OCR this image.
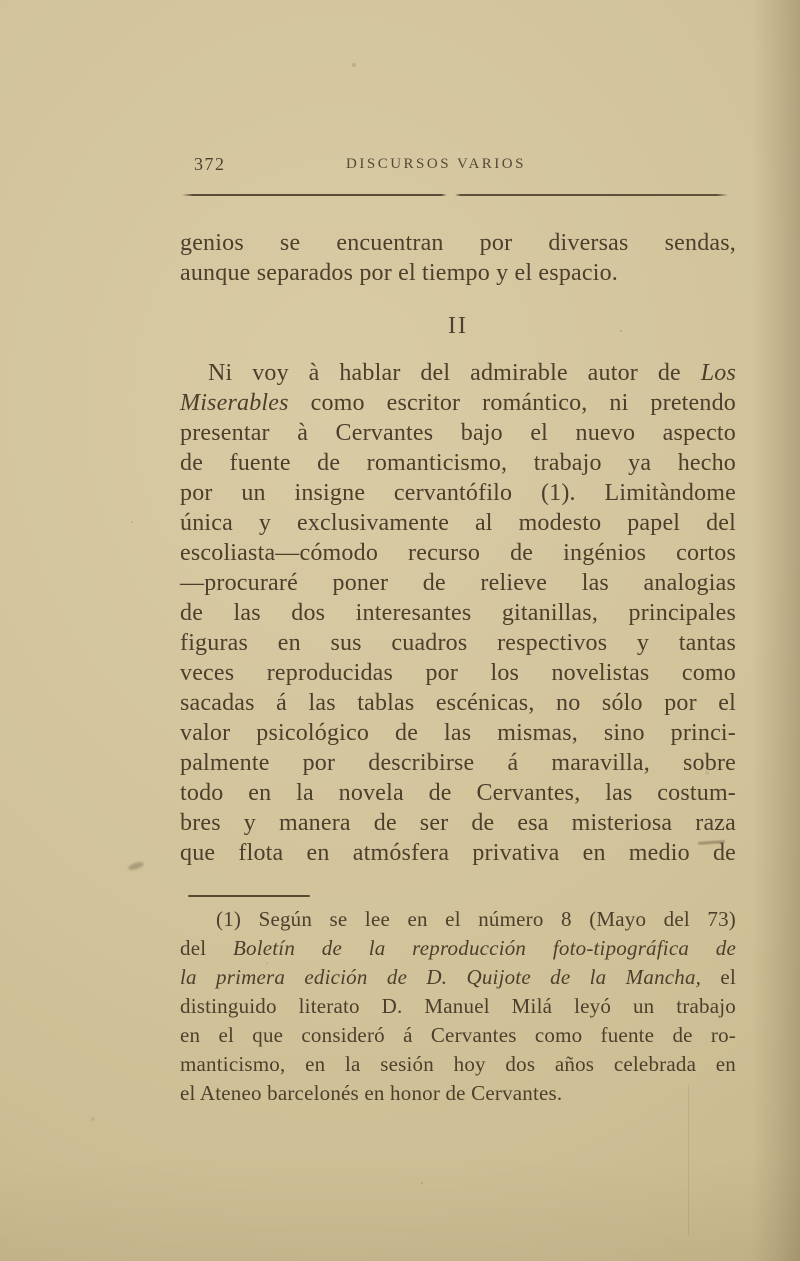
372	DISCURSOS VARIOS
genios se encuentran por diversas sendas,
aunque separados por el tiempo y el espacio.
II
Ni voy à hablar del admirable autor de Los
Miserables como escritor romántico, ni pretendo
presentar à Cervantes bajo el nuevo aspecto
de fuente de romanticismo, trabajo ya hecho
por un insigne cervantófilo (1). Limitàndome
única y exclusivamente al modesto papel del
escoliasta—cómodo recurso de ingénios cortos
—procuraré poner de relieve las analogias
de las dos interesantes gitanillas, principales
figuras en sus cuadros respectivos y tantas
veces reproducidas por los novelistas como
sacadas á las tablas escénicas, no sólo por el
valor psicológico de las mismas, sino princi-
palmente por describirse á maravilla, sobre
todo en la novela de Cervantes, las costum-
bres y manera de ser de esa misteriosa raza
que flota en atmósfera privativa en medio de
(1) Según se lee en el número 8 (Mayo del 73)
del Boletín de la reproducción foto-tipográfica de
la primera edición de D. Quijote de la Mancha, el
distinguido literato D. Manuel Milá leyó un trabajo
en el que consideró á Cervantes como fuente de ro-
manticismo, en la sesión hoy dos años celebrada en
el Ateneo barcelonés en honor de Cervantes.
